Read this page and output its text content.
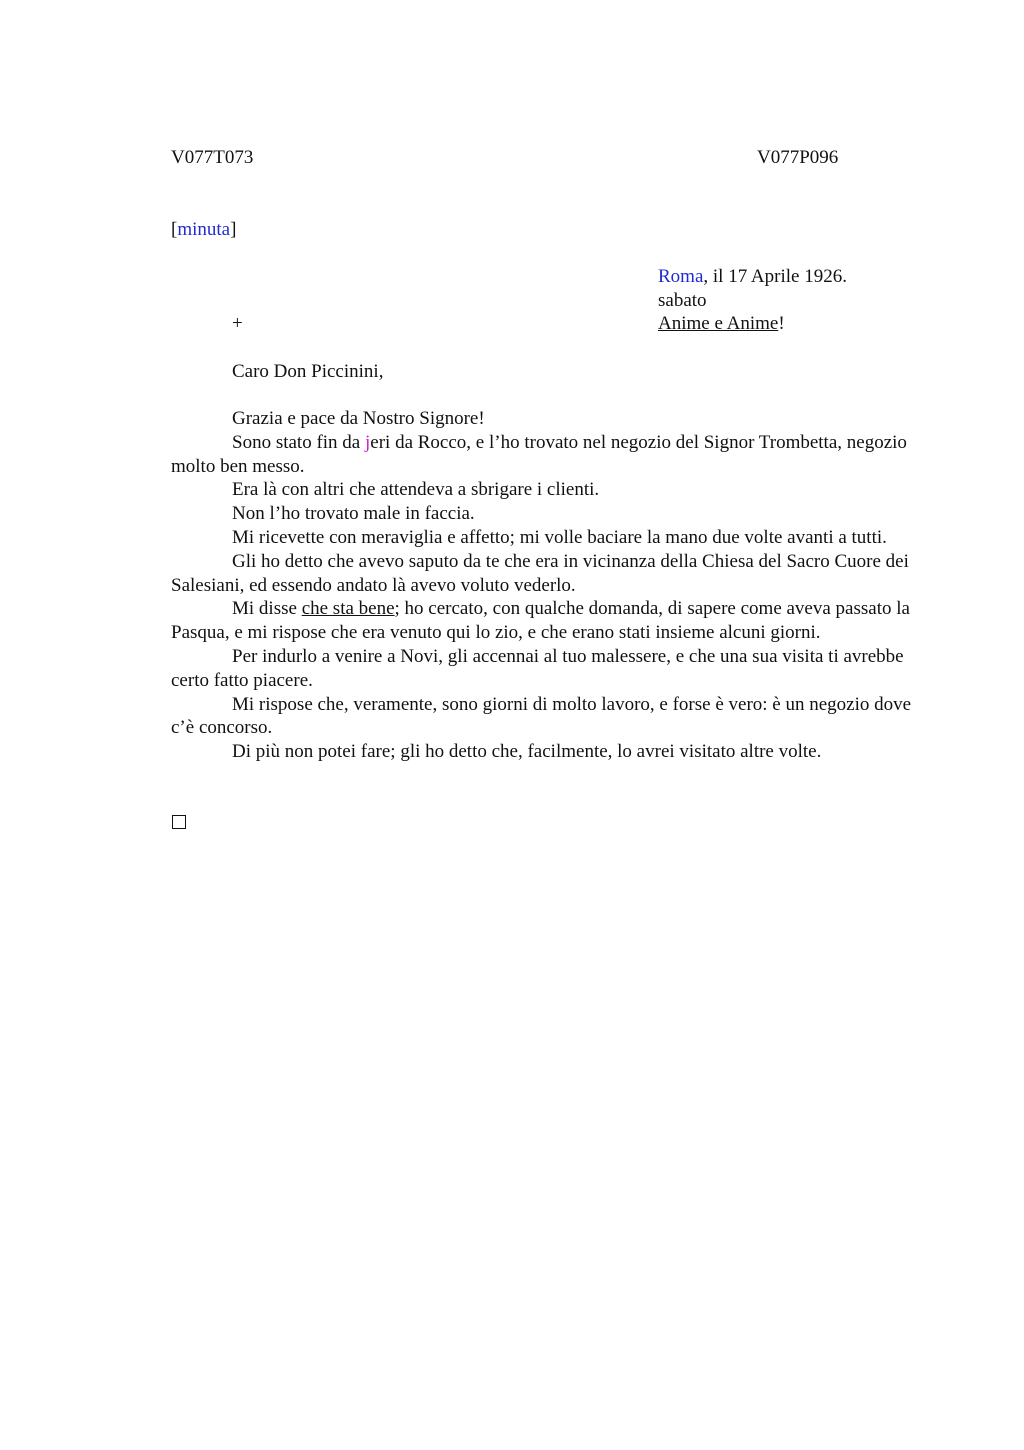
V077T073	V077P096
[minuta]
Roma, il 17 Aprile 1926.
sabato
Anime e Anime!
+
Caro Don Piccinini,

Grazia e pace da Nostro Signore!

Sono stato fin da jeri da Rocco, e l’ho trovato nel negozio del Signor Trombetta, negozio molto ben messo.

Era là con altri che attendeva a sbrigare i clienti.

Non l’ho trovato male in faccia.

Mi ricevette con meraviglia e affetto; mi volle baciare la mano due volte avanti a tutti.

Gli ho detto che avevo saputo da te che era in vicinanza della Chiesa del Sacro Cuore dei Salesiani, ed essendo andato là avevo voluto vederlo.

Mi disse che sta bene; ho cercato, con qualche domanda, di sapere come aveva passato la Pasqua, e mi rispose che era venuto qui lo zio, e che erano stati insieme alcuni giorni.

Per indurlo a venire a Novi, gli accennai al tuo malessere, e che una sua visita ti avrebbe certo fatto piacere.

Mi rispose che, veramente, sono giorni di molto lavoro, e forse è vero: è un negozio dove c’è concorso.

Di più non potei fare; gli ho detto che, facilmente, lo avrei visitato altre volte.
